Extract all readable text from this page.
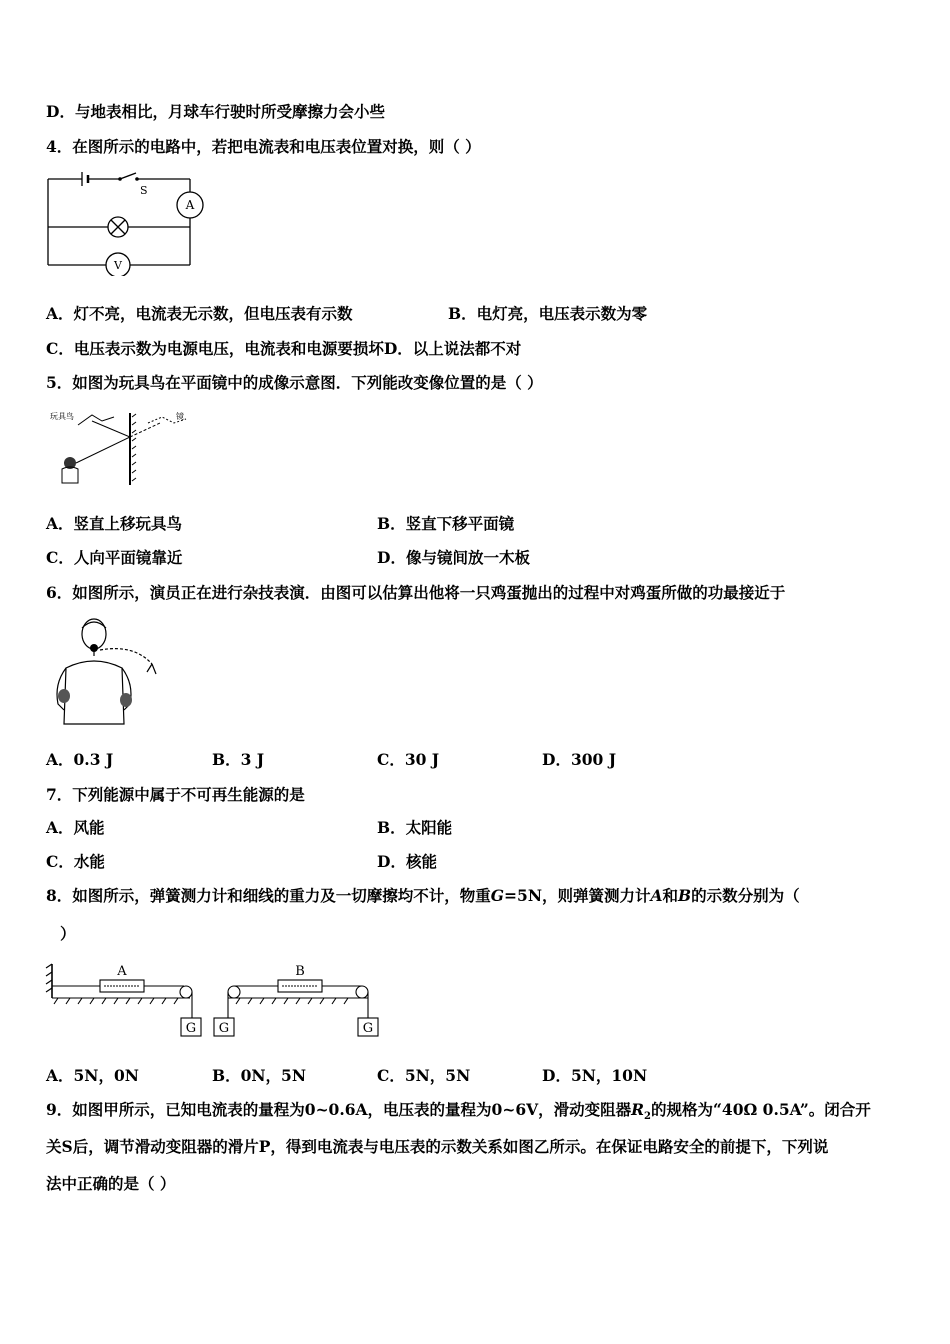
D．与地表相比，月球车行驶时所受摩擦力会小些
4．在图所示的电路中，若把电流表和电压表位置对换，则（ ）
S
A
V
A．灯不亮，电流表无示数，但电压表有示数	B．电灯亮，电压表示数为零
C．电压表示数为电源电压，电流表和电源要损坏D．以上说法都不对
5．如图为玩具鸟在平面镜中的成像示意图．下列能改变像位置的是（ ）
玩具鸟	镜
A．竖直上移玩具鸟	B．竖直下移平面镜
C．人向平面镜靠近	D．像与镜间放一木板
6．如图所示，演员正在进行杂技表演．由图可以估算出他将一只鸡蛋抛出的过程中对鸡蛋所做的功最接近于
A．0.3 J	B．3 J	C．30 J	D．300 J
7．下列能源中属于不可再生能源的是
A．风能	B．太阳能
C．水能	D．核能
8．如图所示，弹簧测力计和细线的重力及一切摩擦均不计，物重G=5N，则弹簧测力计A和B的示数分别为（
）
A	B
G G	G
A．5N，0N	B．0N，5N	C．5N，5N	D．5N，10N
9．如图甲所示，已知电流表的量程为0~0.6A，电压表的量程为0~6V，滑动变阻器$R_2$的规格为“40Ω 0.5A”。闭合开
关S后，调节滑动变阻器的滑片P，得到电流表与电压表的示数关系如图乙所示。在保证电路安全的前提下，下列说
法中正确的是（ ）
